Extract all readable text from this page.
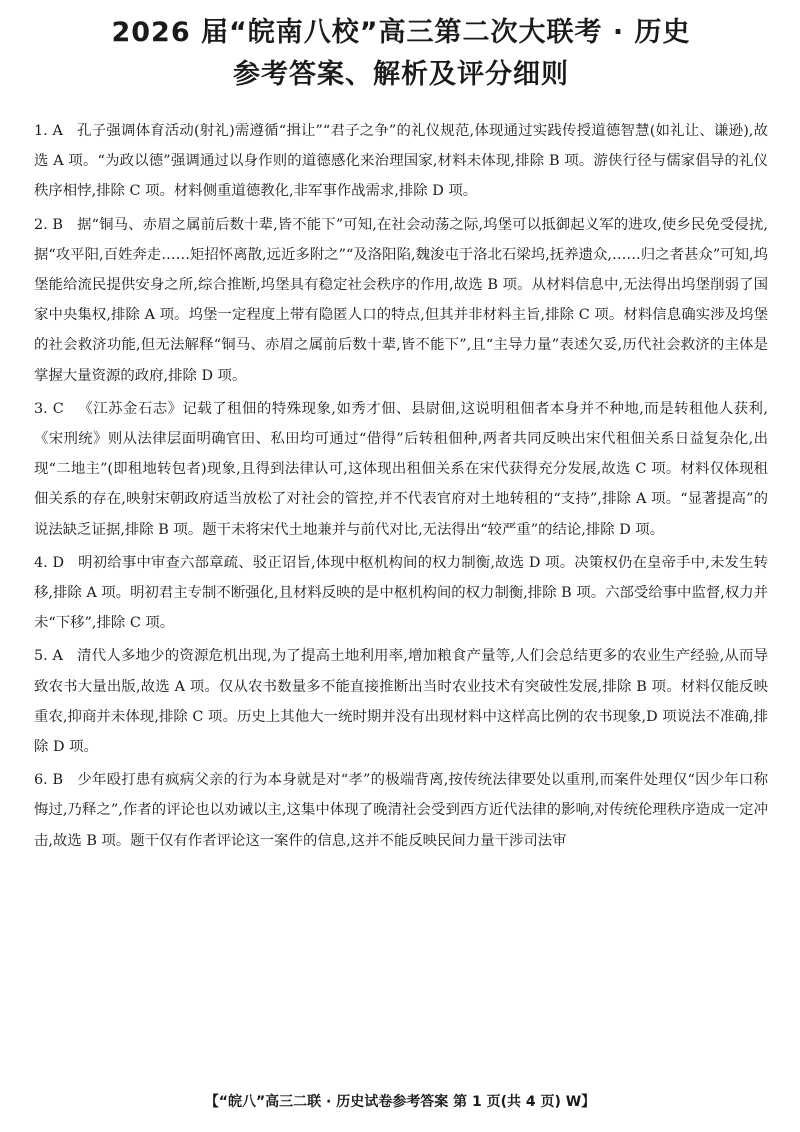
2026 届“皖南八校”高三第二次大联考 · 历史
参考答案、解析及评分细则
1. A 孔子强调体育活动(射礼)需遵循“揖让”“君子之争”的礼仪规范,体现通过实践传授道德智慧(如礼让、谦逊),故选 A 项。“为政以德”强调通过以身作则的道德感化来治理国家,材料未体现,排除 B 项。游侠行径与儒家倡导的礼仪秩序相悖,排除 C 项。材料侧重道德教化,非军事作战需求,排除 D 项。
2. B 据“铜马、赤眉之属前后数十辈,皆不能下”可知,在社会动荡之际,坞堡可以抵御起义军的进攻,使乡民免受侵扰,据“攻平阳,百姓奔走……矩招怀离散,远近多附之”“及洛阳陷,魏浚屯于洛北石梁坞,抚养遗众,……归之者甚众”可知,坞堡能给流民提供安身之所,综合推断,坞堡具有稳定社会秩序的作用,故选 B 项。从材料信息中,无法得出坞堡削弱了国家中央集权,排除 A 项。坞堡一定程度上带有隐匿人口的特点,但其并非材料主旨,排除 C 项。材料信息确实涉及坞堡的社会救济功能,但无法解释“铜马、赤眉之属前后数十辈,皆不能下”,且“主导力量”表述欠妥,历代社会救济的主体是掌握大量资源的政府,排除 D 项。
3. C 《江苏金石志》记载了租佃的特殊现象,如秀才佃、县尉佃,这说明租佃者本身并不种地,而是转租他人获利,《宋刑统》则从法律层面明确官田、私田均可通过“借得”后转租佃种,两者共同反映出宋代租佃关系日益复杂化,出现“二地主”(即租地转包者)现象,且得到法律认可,这体现出租佃关系在宋代获得充分发展,故选 C 项。材料仅体现租佃关系的存在,映射宋朝政府适当放松了对社会的管控,并不代表官府对土地转租的“支持”,排除 A 项。“显著提高”的说法缺乏证据,排除 B 项。题干未将宋代土地兼并与前代对比,无法得出“较严重”的结论,排除 D 项。
4. D 明初给事中审查六部章疏、驳正诏旨,体现中枢机构间的权力制衡,故选 D 项。决策权仍在皇帝手中,未发生转移,排除 A 项。明初君主专制不断强化,且材料反映的是中枢机构间的权力制衡,排除 B 项。六部受给事中监督,权力并未“下移”,排除 C 项。
5. A 清代人多地少的资源危机出现,为了提高土地利用率,增加粮食产量等,人们会总结更多的农业生产经验,从而导致农书大量出版,故选 A 项。仅从农书数量多不能直接推断出当时农业技术有突破性发展,排除 B 项。材料仅能反映重农,抑商并未体现,排除 C 项。历史上其他大一统时期并没有出现材料中这样高比例的农书现象,D 项说法不准确,排除 D 项。
6. B 少年殴打患有疯病父亲的行为本身就是对“孝”的极端背离,按传统法律要处以重刑,而案件处理仅“因少年口称悔过,乃释之”,作者的评论也以劝诫以主,这集中体现了晚清社会受到西方近代法律的影响,对传统伦理秩序造成一定冲击,故选 B 项。题干仅有作者评论这一案件的信息,这并不能反映民间力量干涉司法审
【“皖八”高三二联 · 历史试卷参考答案 第 1 页(共 4 页) W】
